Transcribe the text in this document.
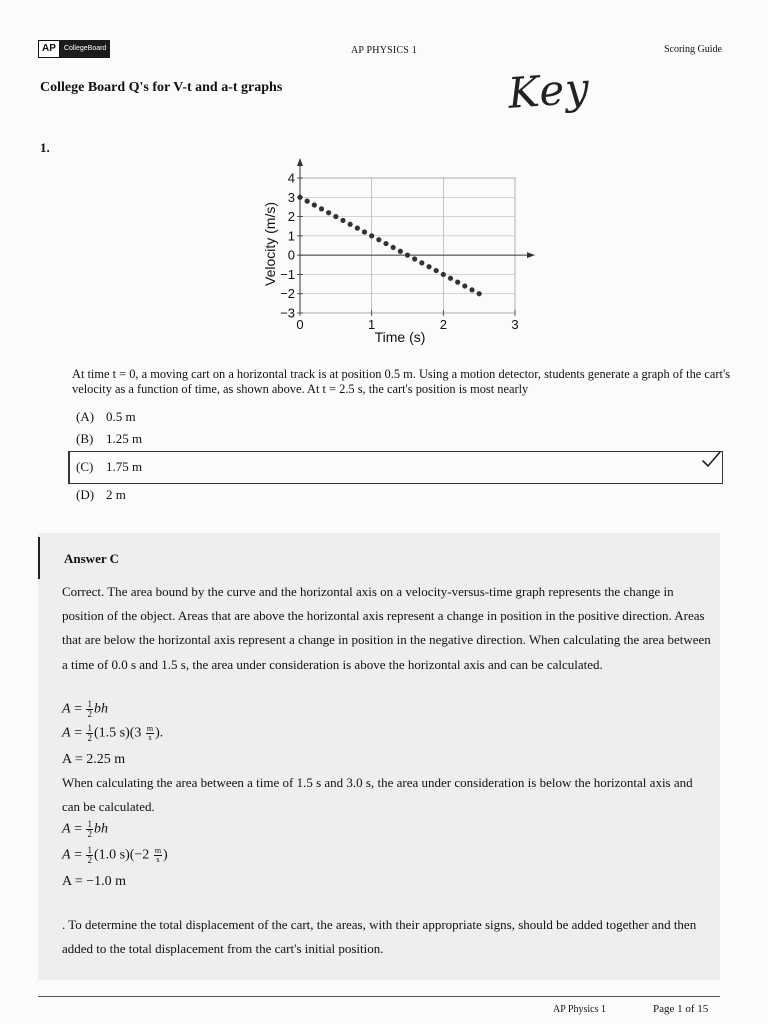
AP	CollegeBoard	AP PHYSICS 1	Scoring Guide
College Board Q's for V-t and a-t graphs	Key
1.
4
3
2
1
0
−1
−2
−3
0	1	2	3
Time (s)
Velocity (m/s)
At time t = 0, a moving cart on a horizontal track is at position 0.5 m. Using a motion detector, students generate a graph of the cart's velocity as a function of time, as shown above. At t = 2.5 s, the cart's position is most nearly
(A) 0.5 m
(B) 1.25 m
(C) 1.75 m
(D) 2 m
Answer C
Correct. The area bound by the curve and the horizontal axis on a velocity-versus-time graph represents the change in position of the object. Areas that are above the horizontal axis represent a change in position in the positive direction. Areas that are below the horizontal axis represent a change in position in the negative direction. When calculating the area between a time of 0.0 s and 1.5 s, the area under consideration is above the horizontal axis and can be calculated.
$A = \frac{1}{2}$ bh
$A = \frac{1}{2} (1.5$ $s)(3 \frac{m}{s}$ ).
A = 2.25 m
When calculating the area between a time of 1.5 s and 3.0 s, the area under consideration is below the horizontal axis and can be calculated.
$A = \frac{1}{2}$ bh
$A = \frac{1}{2} (1.0$ $s)(-2 \frac{m}{s}$ )
A = −1.0 m
. To determine the total displacement of the cart, the areas, with their appropriate signs, should be added together and then added to the total displacement from the cart's initial position.
AP Physics 1	Page 1 of 15
